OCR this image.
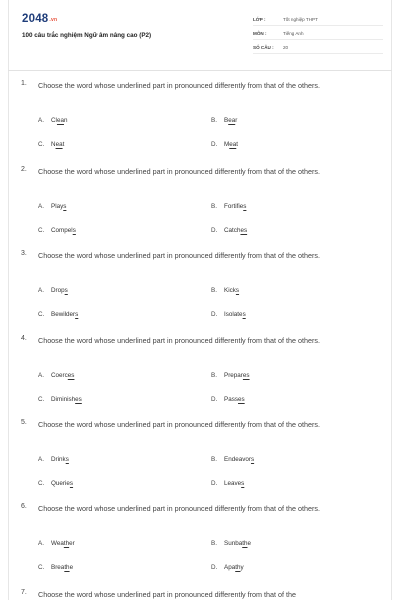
2048.vn
100 câu trắc nghiệm Ngữ âm nâng cao (P2)
LỚP :	Tốt nghiệp THPT
MÔN :	Tiếng Anh
SỐ CÂU : 20
1. Choose the word whose underlined part in pronounced differently from that of the others.
A. Clean	B. Bear
C. Neat	D. Meat
2. Choose the word whose underlined part in pronounced differently from that of the others.
A. Plays	B. Fortifies
C. Compels	D. Catches
3. Choose the word whose underlined part in pronounced differently from that of the others.
A. Drops	B. Kicks
C. Bewilders	D. Isolates
4. Choose the word whose underlined part in pronounced differently from that of the others.
A. Coerces	B. Prepares
C. Diminishes	D. Passes
5. Choose the word whose underlined part in pronounced differently from that of the others.
A. Drinks	B. Endeavors
C. Queries	D. Leaves
6. Choose the word whose underlined part in pronounced differently from that of the others.
A. Weather	B. Sunbathe
C. Breathe	D. Apathy
7. Choose the word whose underlined part in pronounced differently from that of the
